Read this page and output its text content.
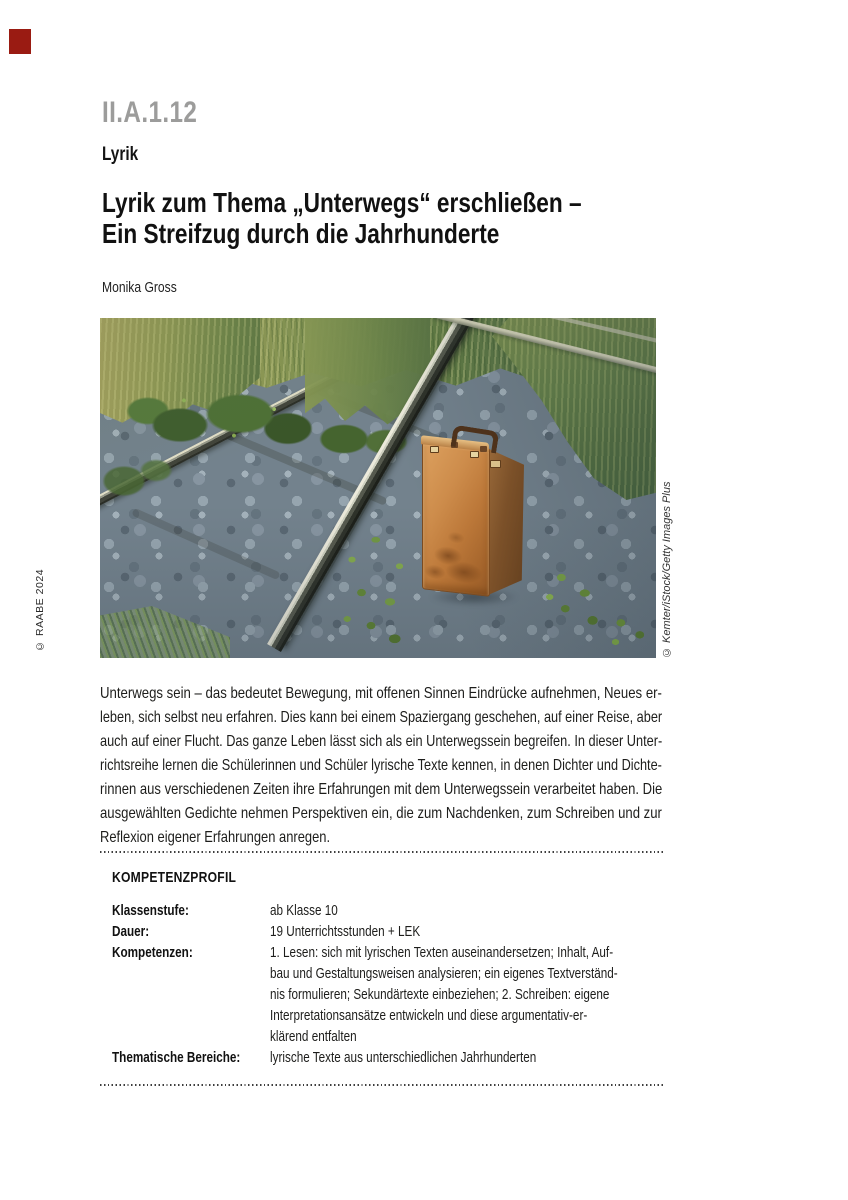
© RAABE 2024
II.A.1.12
Lyrik
Lyrik zum Thema „Unterwegs“ erschließen –
Ein Streifzug durch die Jahrhunderte
Monika Gross
© Kemter/iStock/Getty Images Plus
Unterwegs sein – das bedeutet Bewegung, mit offenen Sinnen Eindrücke aufnehmen, Neues er-
leben, sich selbst neu erfahren. Dies kann bei einem Spaziergang geschehen, auf einer Reise, aber
auch auf einer Flucht. Das ganze Leben lässt sich als ein Unterwegssein begreifen. In dieser Unter-
richtsreihe lernen die Schülerinnen und Schüler lyrische Texte kennen, in denen Dichter und Dichte-
rinnen aus verschiedenen Zeiten ihre Erfahrungen mit dem Unterwegssein verarbeitet haben. Die
ausgewählten Gedichte nehmen Perspektiven ein, die zum Nachdenken, zum Schreiben und zur
Reflexion eigener Erfahrungen anregen.
KOMPETENZPROFIL
Klassenstufe:	ab Klasse 10
Dauer:	19 Unterrichtsstunden + LEK
Kompetenzen:	1. Lesen: sich mit lyrischen Texten auseinandersetzen; Inhalt, Auf-
bau und Gestaltungsweisen analysieren; ein eigenes Textverständ-
nis formulieren; Sekundärtexte einbeziehen; 2. Schreiben: eigene
Interpretationsansätze entwickeln und diese argumentativ-er-
klärend entfalten
Thematische Bereiche: lyrische Texte aus unterschiedlichen Jahrhunderten
